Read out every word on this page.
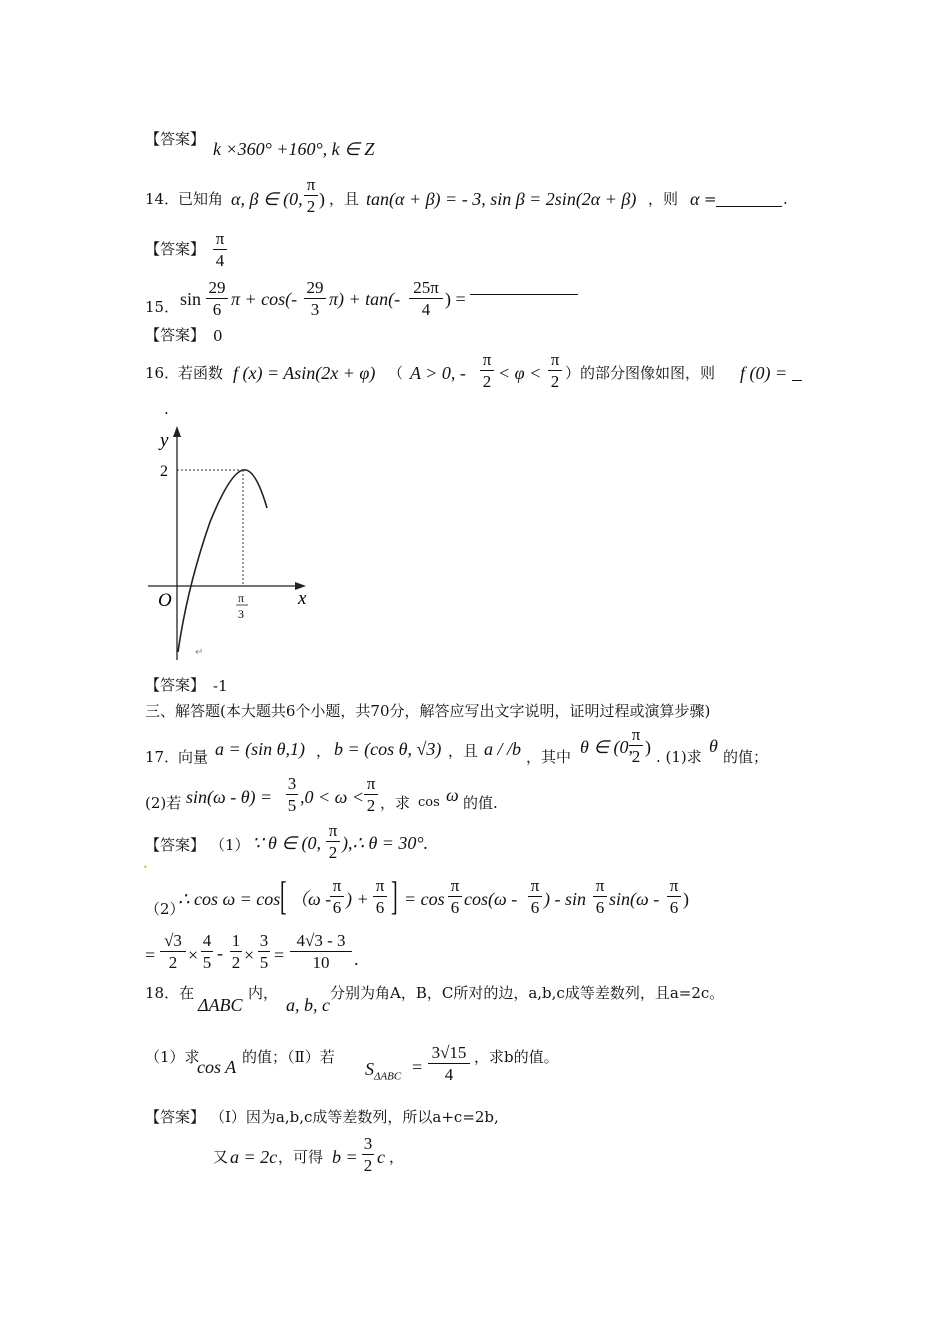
【答案】 k ×360° +160°, k ∈ Z
14．
已知角 α, β ∈ (0,
π
2 ) ，且 tan(α + β) = - 3, sin β = 2sin(2α + β) ，则 α =	.
【答案】
π
4
15． sin
29
6
π + cos(-
29
3
π) + tan(-
25π
4
) =
【答案】 0
16．
若函数 f (x) = Asin(2x + φ) （ A > 0, -
π
2 < φ <
π
2 ）的部分图像如图，则 f (0) =
.
y
2
O	x
π
3
↵
【答案】 -1
三、解答题(本大题共6个小题，共70分，解答应写出文字说明，证明过程或演算步骤)
17．
向量 a = (sin θ,1) ， b = (cos θ, √3) ，且 a / /b ，其中 θ ∈ (0,
π
2 ) . (1)求
θ
的值；
(2)若 sin(ω - θ) =
3
5 ,0 < ω <
π
2 ，求 cos ω 的值.
【答案】 （1） ∵ θ ∈ (0,
π
2 ),∴ θ = 30°.
•
（2）
∴ cos ω = cos [ （ω -
π
6 ) +
π
6 ] = cos
π
6 cos(ω -
π
6 ) - sin
π
6 sin(ω -
π
6 )
=
√3
2 ×
4
5 -
1
2 ×
3
5 =
4√3 - 3
10	.
18．在
ΔABC
内，
a, b, c
分别为角A，B，C所对的边，a,b,c成等差数列，且a=2c。
（1）求
cos A 的值；（Ⅱ）若
$S_{\Delta ABC}$ =
3√15
4
，求b的值。
【答案】 （Ⅰ）因为a,b,c成等差数列，所以a+c=2b,
又 a = 2c ，可得 b =
3
2 c ，
